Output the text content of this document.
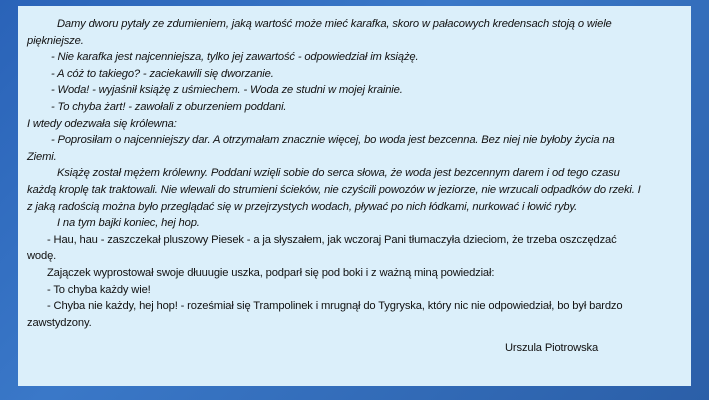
Damy dworu pytały ze zdumieniem, jaką wartość może mieć karafka, skoro w pałacowych kredensach stoją o wiele
piękniejsze.
- Nie karafka jest najcenniejsza, tylko jej zawartość - odpowiedział im książę.
- A cóż to takiego? - zaciekawili się dworzanie.
- Woda! - wyjaśnił książę z uśmiechem. - Woda ze studni w mojej krainie.
- To chyba żart! - zawołali z oburzeniem poddani.
I wtedy odezwała się królewna:
- Poprosiłam o najcenniejszy dar. A otrzymałam znacznie więcej, bo woda jest bezcenna. Bez niej nie byłoby życia na
Ziemi.
Książę został mężem królewny. Poddani wzięli sobie do serca słowa, że woda jest bezcennym darem i od tego czasu
każdą kroplę tak traktowali. Nie wlewali do strumieni ścieków, nie czyścili powozów w jeziorze, nie wrzucali odpadków do rzeki. I
z jaką radością można było przeglądać się w przejrzystych wodach, pływać po nich łódkami, nurkować i łowić ryby.
I na tym bajki koniec, hej hop.
- Hau, hau - zaszczekał pluszowy Piesek - a ja słyszałem, jak wczoraj Pani tłumaczyła dzieciom, że trzeba oszczędzać
wodę.
Zajączek wyprostował swoje dłuuugie uszka, podparł się pod boki i z ważną miną powiedział:
- To chyba każdy wie!
- Chyba nie każdy, hej hop! - roześmiał się Trampolinek i mrugnął do Tygryska, który nic nie odpowiedział, bo był bardzo
zawstydzony.
Urszula Piotrowska
